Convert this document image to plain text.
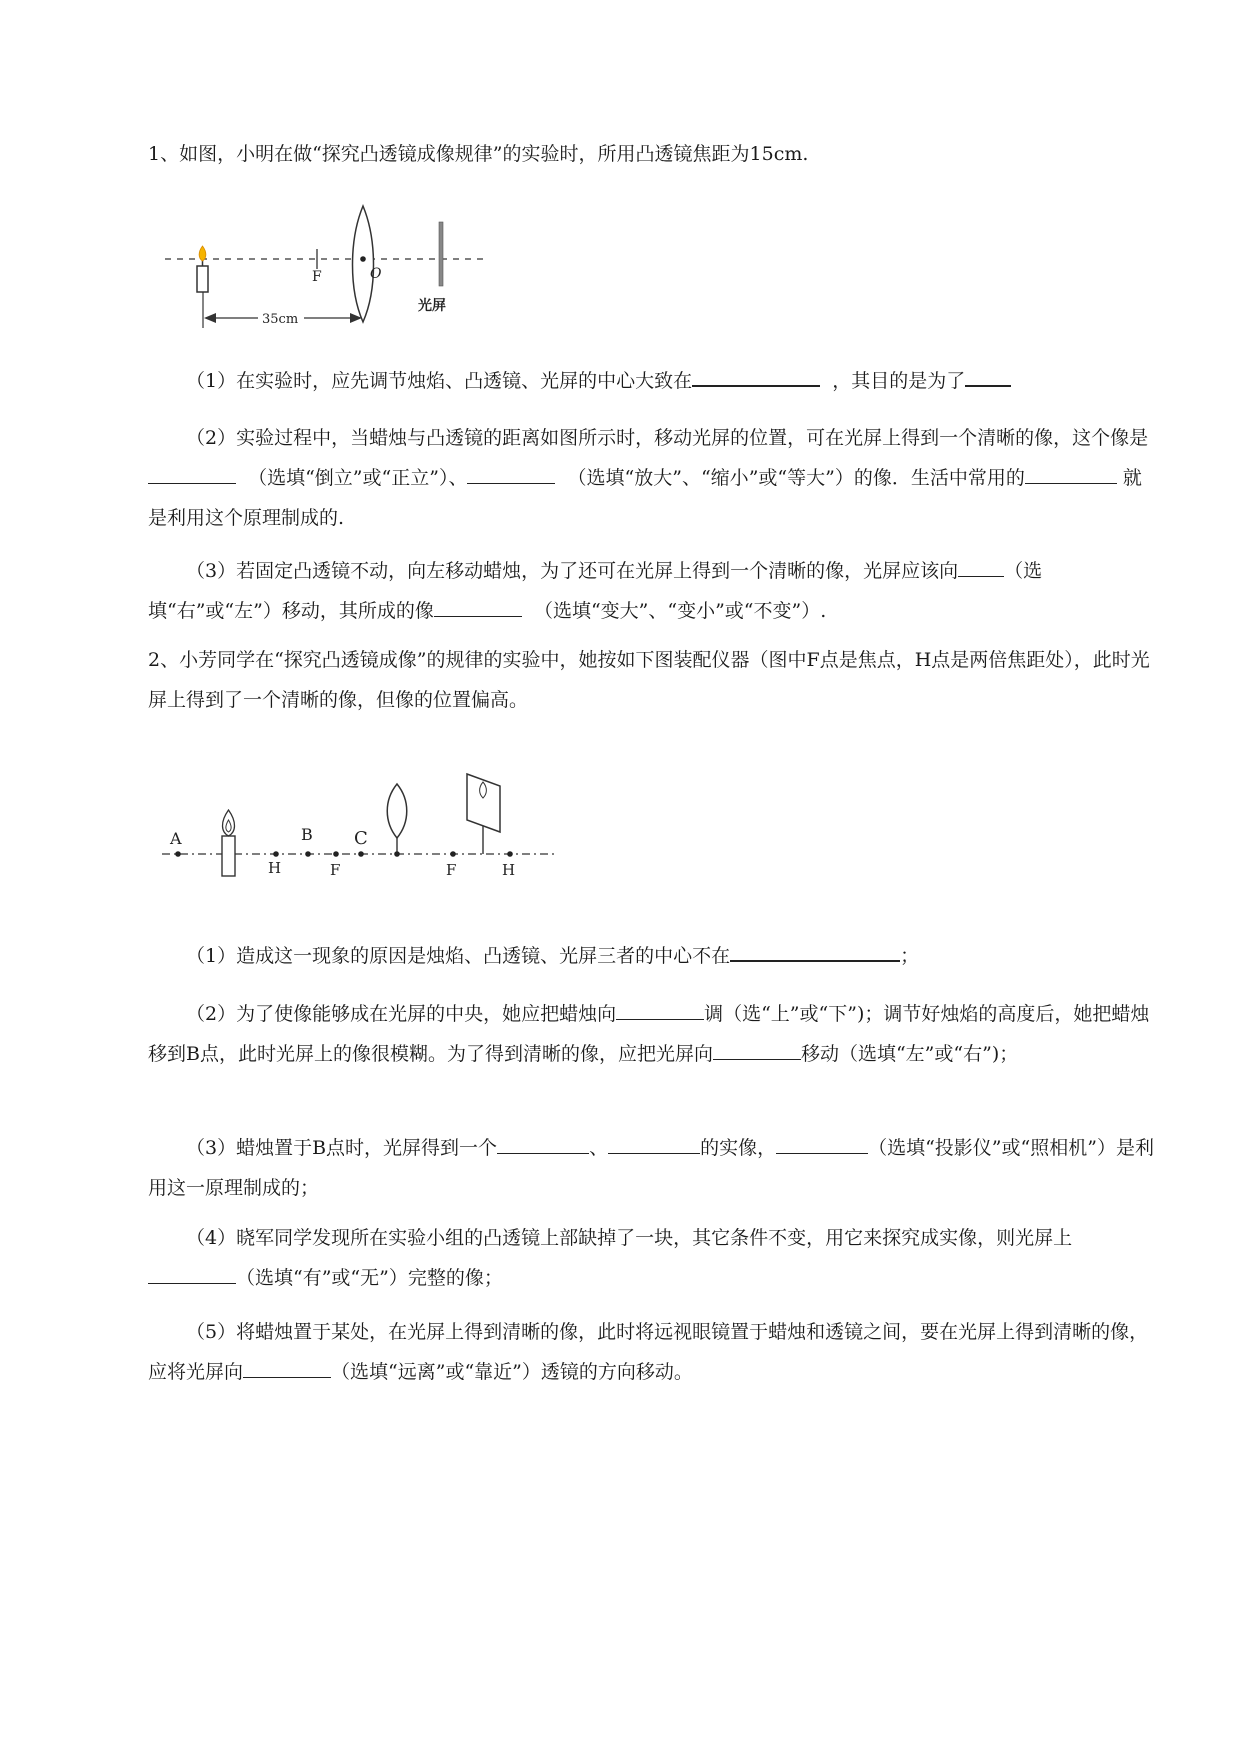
1、如图，小明在做“探究凸透镜成像规律”的实验时，所用凸透镜焦距为15cm.
F	O
光屏
35cm
（1）在实验时，应先调节烛焰、凸透镜、光屏的中心大致在	，其目的是为了
（2）实验过程中，当蜡烛与凸透镜的距离如图所示时，移动光屏的位置，可在光屏上得到一个清晰的像，这个像是  （选填“倒立”或“正立”）、	（选填“放大”、“缩小”或“等大”）的像．生活中常用的	就是利用这个原理制成的.
（3）若固定凸透镜不动，向左移动蜡烛，为了还可在光屏上得到一个清晰的像，光屏应该向 （选填“右”或“左”）移动，其所成的像	（选填“变大”、“变小”或“不变”）.
2、小芳同学在“探究凸透镜成像”的规律的实验中，她按如下图装配仪器（图中F点是焦点，H点是两倍焦距处），此时光屏上得到了一个清晰的像，但像的位置偏高。
A
H
B
F
C
F	H
（1）造成这一现象的原因是烛焰、凸透镜、光屏三者的中心不在	；
（2）为了使像能够成在光屏的中央，她应把蜡烛向	调（选“上”或“下”)；调节好烛焰的高度后，她把蜡烛移到B点，此时光屏上的像很模糊。为了得到清晰的像，应把光屏向	移动（选填“左”或“右”)；
（3）蜡烛置于B点时，光屏得到一个	、	的实像，	（选填“投影仪”或“照相机”）是利用这一原理制成的；
（4）晓军同学发现所在实验小组的凸透镜上部缺掉了一块，其它条件不变，用它来探究成实像，则光屏上（选填“有”或“无”）完整的像；
（5）将蜡烛置于某处，在光屏上得到清晰的像，此时将远视眼镜置于蜡烛和透镜之间，要在光屏上得到清晰的像，应将光屏向	（选填“远离”或“靠近”）透镜的方向移动。
